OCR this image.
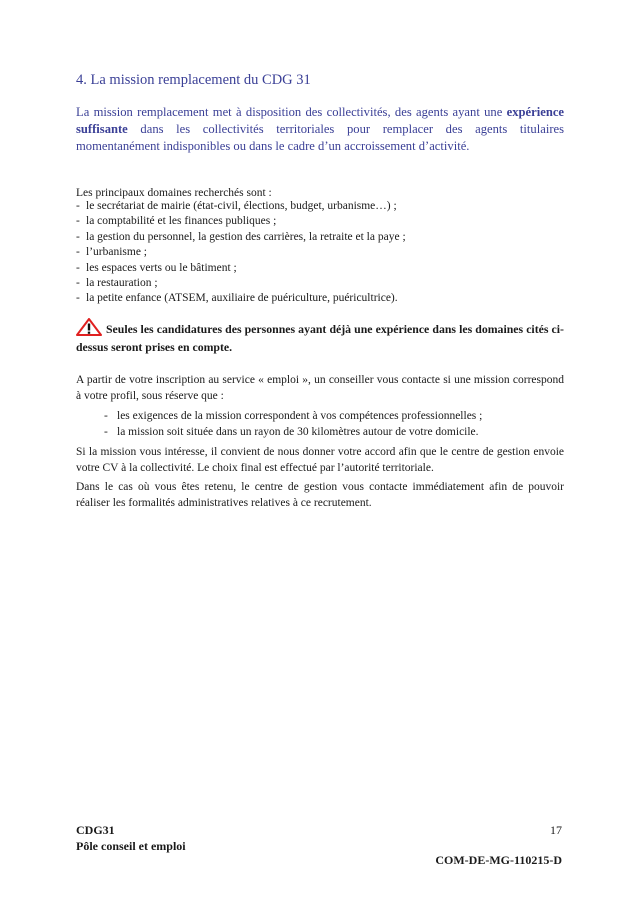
4. La mission remplacement du CDG 31

La mission remplacement met à disposition des collectivités, des agents ayant une expérience suffisante dans les collectivités territoriales pour remplacer des agents titulaires momentanément indisponibles ou dans le cadre d’un accroissement d’activité.

Les principaux domaines recherchés sont :
- le secrétariat de mairie (état-civil, élections, budget, urbanisme…) ;
- la comptabilité et les finances publiques ;
- la gestion du personnel, la gestion des carrières, la retraite et la paye ;
- l’urbanisme ;
- les espaces verts ou le bâtiment ;
- la restauration ;
- la petite enfance (ATSEM, auxiliaire de puériculture, puéricultrice).

Seules les candidatures des personnes ayant déjà une expérience dans les domaines cités ci-dessus seront prises en compte.

A partir de votre inscription au service « emploi », un conseiller vous contacte si une mission correspond à votre profil, sous réserve que :

- les exigences de la mission correspondent à vos compétences professionnelles ;
- la mission soit située dans un rayon de 30 kilomètres autour de votre domicile.

Si la mission vous intéresse, il convient de nous donner votre accord afin que le centre de gestion envoie votre CV à la collectivité. Le choix final est effectué par l’autorité territoriale.

Dans le cas où vous êtes retenu, le centre de gestion vous contacte immédiatement afin de pouvoir réaliser les formalités administratives relatives à ce recrutement.

CDG31
Pôle conseil et emploi
17
COM-DE-MG-110215-D
